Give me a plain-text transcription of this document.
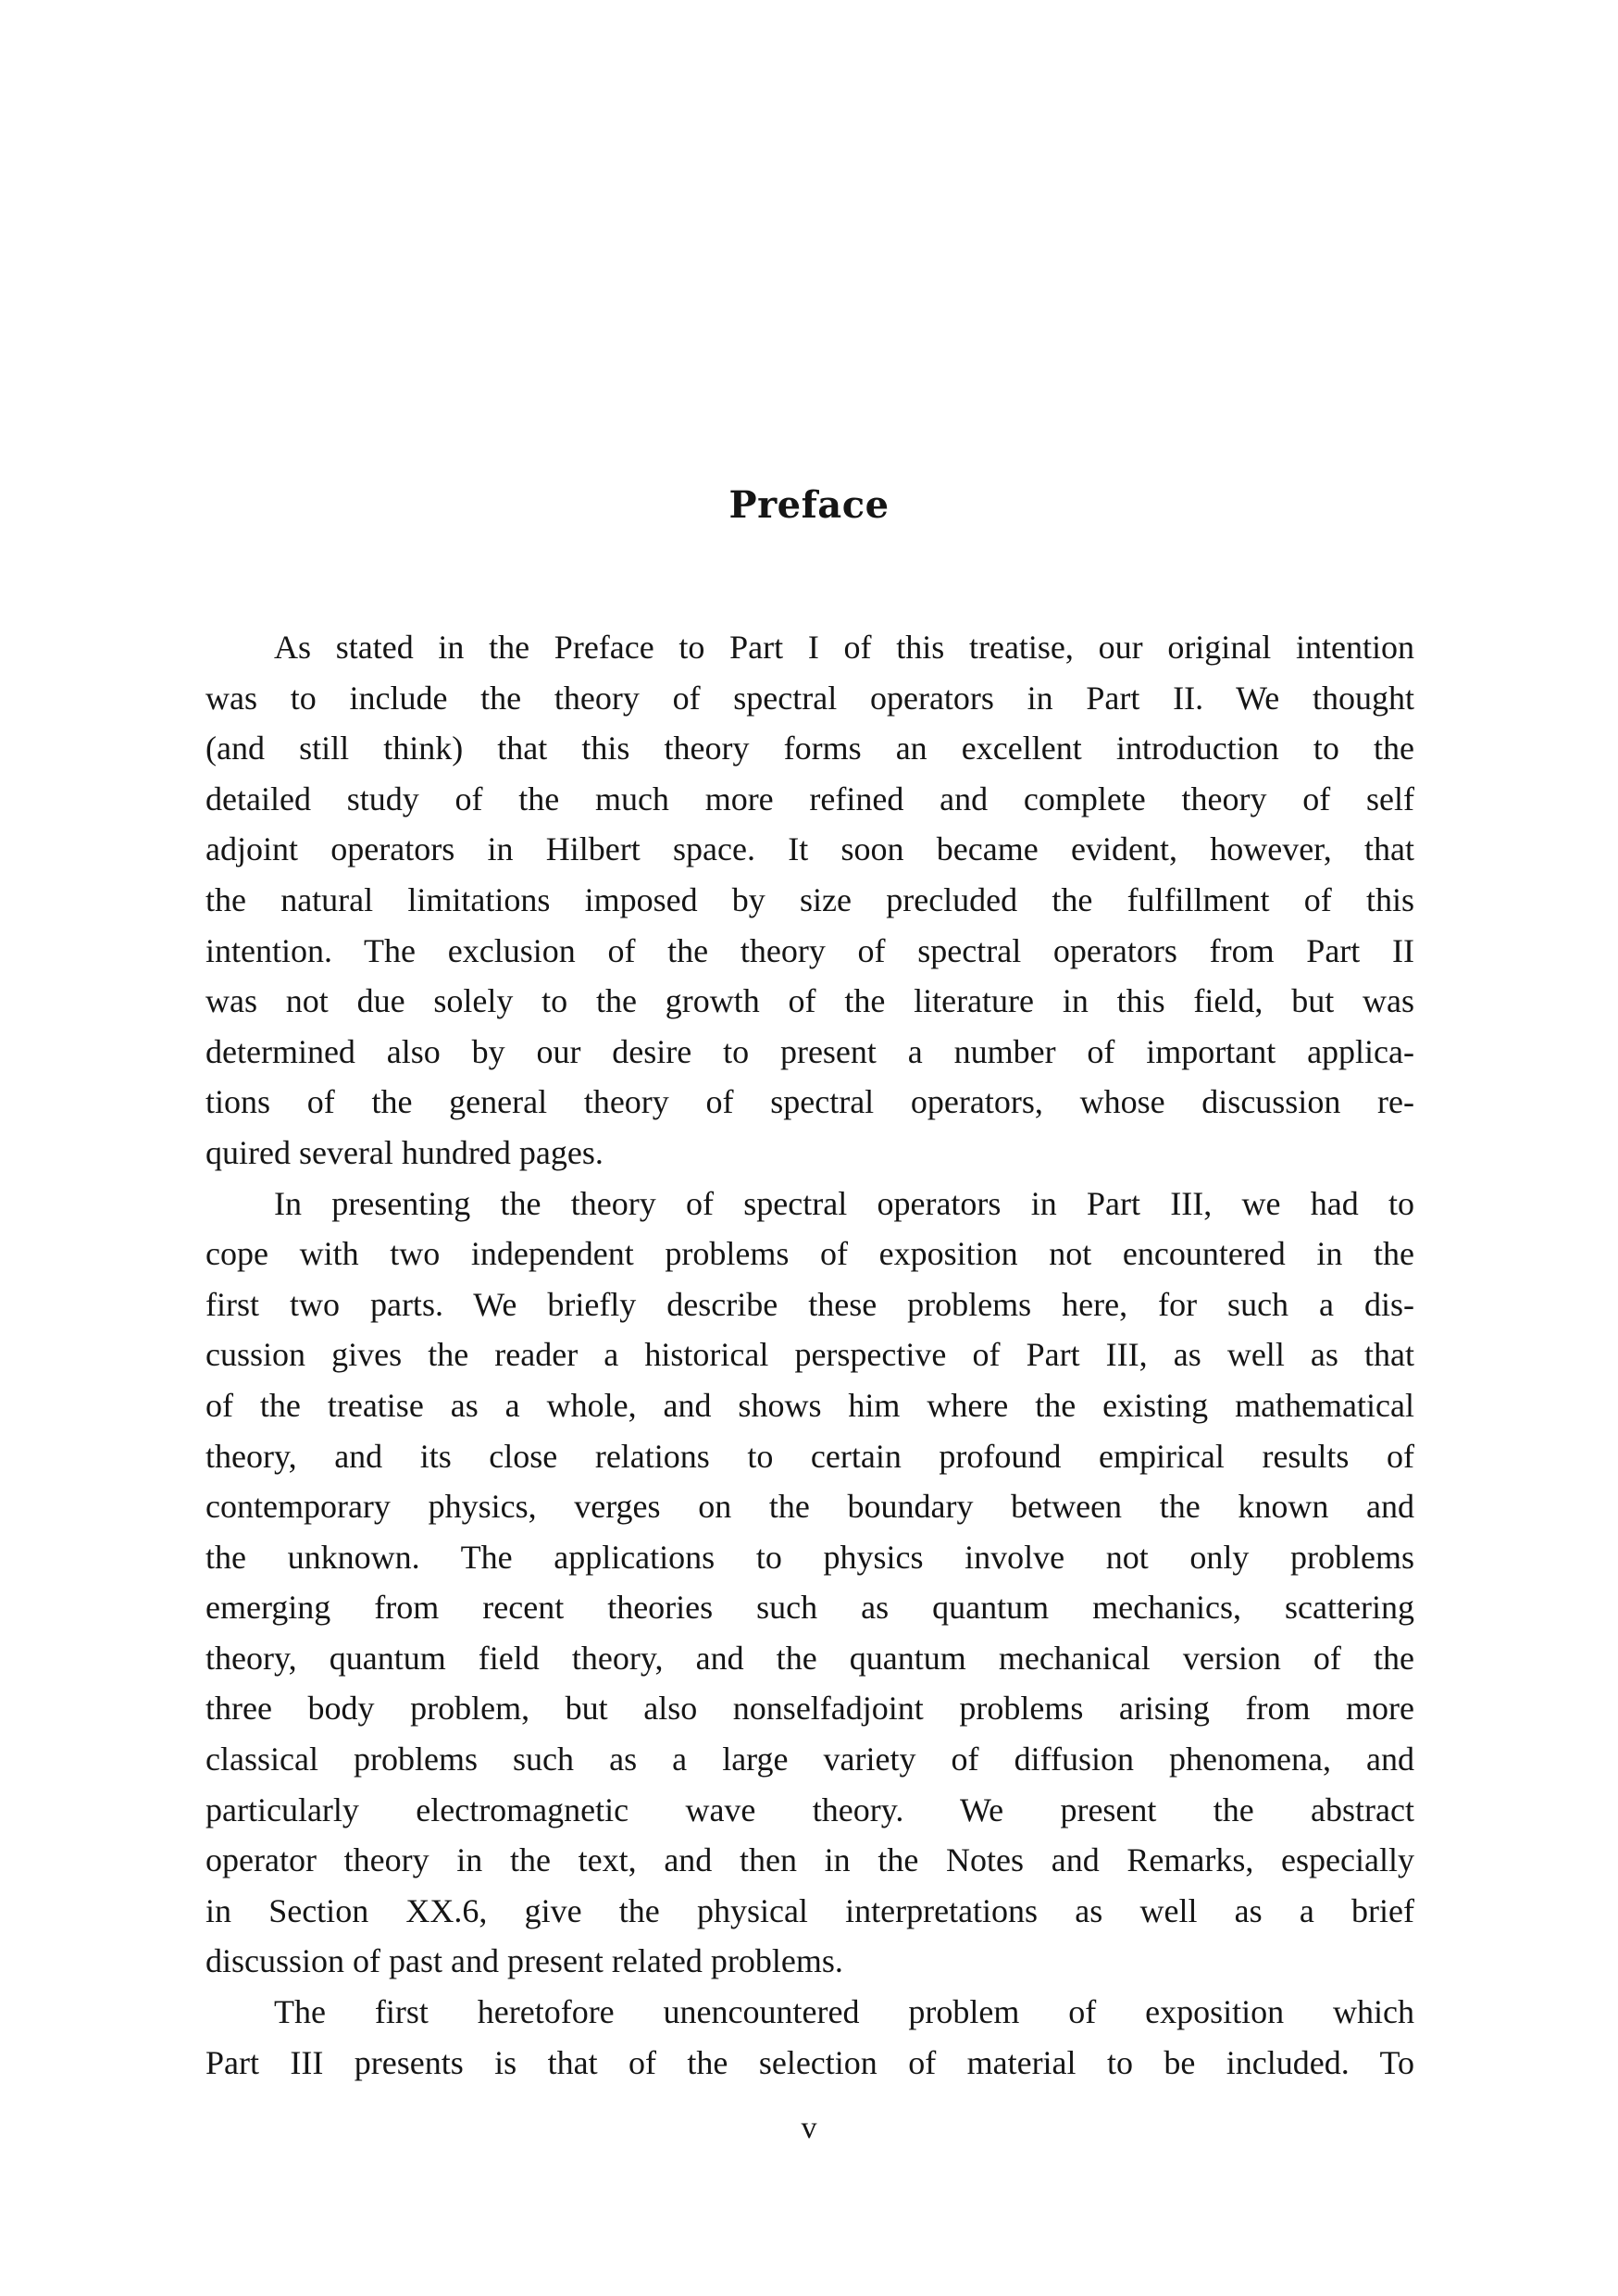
Preface
As stated in the Preface to Part I of this treatise, our original intention
was to include the theory of spectral operators in Part II. We thought
(and still think) that this theory forms an excellent introduction to the
detailed study of the much more refined and complete theory of self
adjoint operators in Hilbert space. It soon became evident, however, that
the natural limitations imposed by size precluded the fulfillment of this
intention. The exclusion of the theory of spectral operators from Part II
was not due solely to the growth of the literature in this field, but was
determined also by our desire to present a number of important applica-
tions of the general theory of spectral operators, whose discussion re-
quired several hundred pages.
In presenting the theory of spectral operators in Part III, we had to
cope with two independent problems of exposition not encountered in the
first two parts. We briefly describe these problems here, for such a dis-
cussion gives the reader a historical perspective of Part III, as well as that
of the treatise as a whole, and shows him where the existing mathematical
theory, and its close relations to certain profound empirical results of
contemporary physics, verges on the boundary between the known and
the unknown. The applications to physics involve not only problems
emerging from recent theories such as quantum mechanics, scattering
theory, quantum field theory, and the quantum mechanical version of the
three body problem, but also nonselfadjoint problems arising from more
classical problems such as a large variety of diffusion phenomena, and
particularly electromagnetic wave theory. We present the abstract
operator theory in the text, and then in the Notes and Remarks, especially
in Section XX.6, give the physical interpretations as well as a brief
discussion of past and present related problems.
The first heretofore unencountered problem of exposition which
Part III presents is that of the selection of material to be included. To

v
